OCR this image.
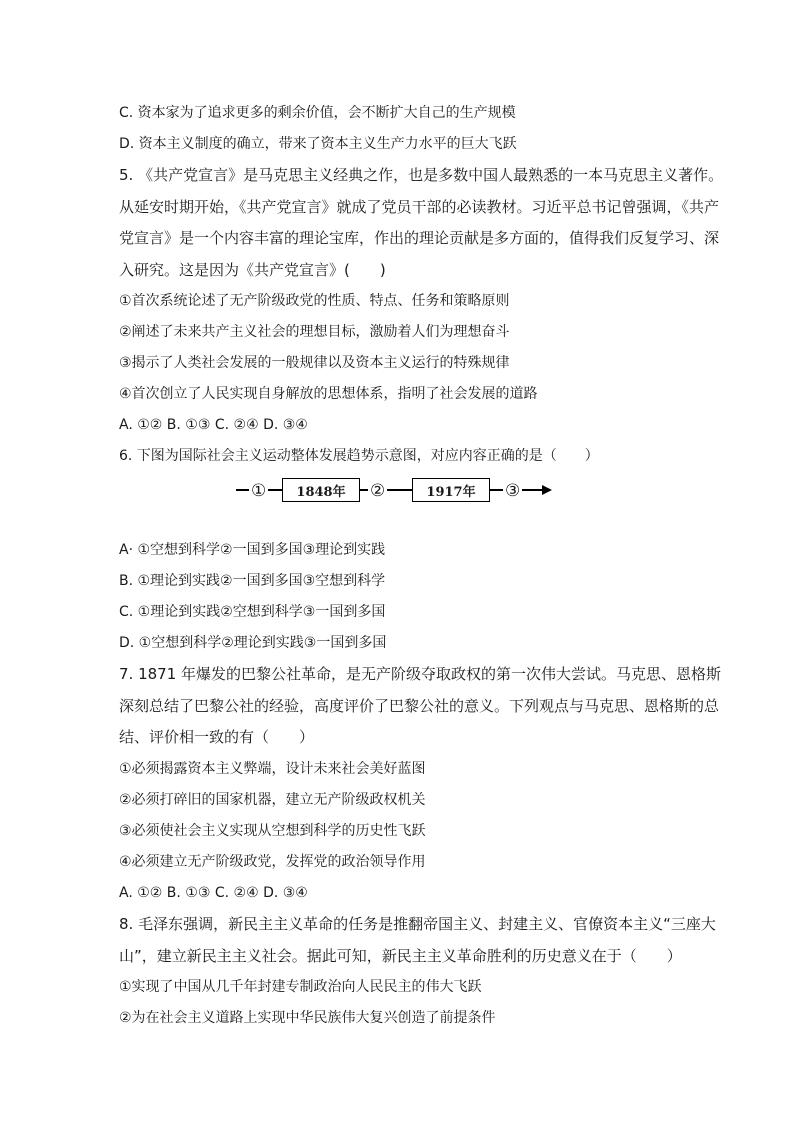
C. 资本家为了追求更多的剩余价值，会不断扩大自己的生产规模
D. 资本主义制度的确立，带来了资本主义生产力水平的巨大飞跃
5. 《共产党宣言》是马克思主义经典之作，也是多数中国人最熟悉的一本马克思主义著作。
从延安时期开始，《共产党宣言》就成了党员干部的必读教材。习近平总书记曾强调，《共产
党宣言》是一个内容丰富的理论宝库，作出的理论贡献是多方面的，值得我们反复学习、深
入研究。这是因为《共产党宣言》(　　)
①首次系统论述了无产阶级政党的性质、特点、任务和策略原则
②阐述了未来共产主义社会的理想目标，激励着人们为理想奋斗
③揭示了人类社会发展的一般规律以及资本主义运行的特殊规律
④首次创立了人民实现自身解放的思想体系，指明了社会发展的道路
A. ①② B. ①③ C. ②④ D. ③④
6. 下图为国际社会主义运动整体发展趋势示意图，对应内容正确的是（　　）
1848年	1917年
①	②	③
A· ①空想到科学②一国到多国③理论到实践
B. ①理论到实践②一国到多国③空想到科学
C. ①理论到实践②空想到科学③一国到多国
D. ①空想到科学②理论到实践③一国到多国
7. 1871 年爆发的巴黎公社革命，是无产阶级夺取政权的第一次伟大尝试。马克思、恩格斯
深刻总结了巴黎公社的经验，高度评价了巴黎公社的意义。下列观点与马克思、恩格斯的总
结、评价相一致的有（　　）
①必须揭露资本主义弊端，设计未来社会美好蓝图
②必须打碎旧的国家机器，建立无产阶级政权机关
③必须使社会主义实现从空想到科学的历史性飞跃
④必须建立无产阶级政党，发挥党的政治领导作用
A. ①② B. ①③ C. ②④ D. ③④
8. 毛泽东强调，新民主主义革命的任务是推翻帝国主义、封建主义、官僚资本主义“三座大
山”，建立新民主主义社会。据此可知，新民主主义革命胜利的历史意义在于（　　）
①实现了中国从几千年封建专制政治向人民民主的伟大飞跃
②为在社会主义道路上实现中华民族伟大复兴创造了前提条件
